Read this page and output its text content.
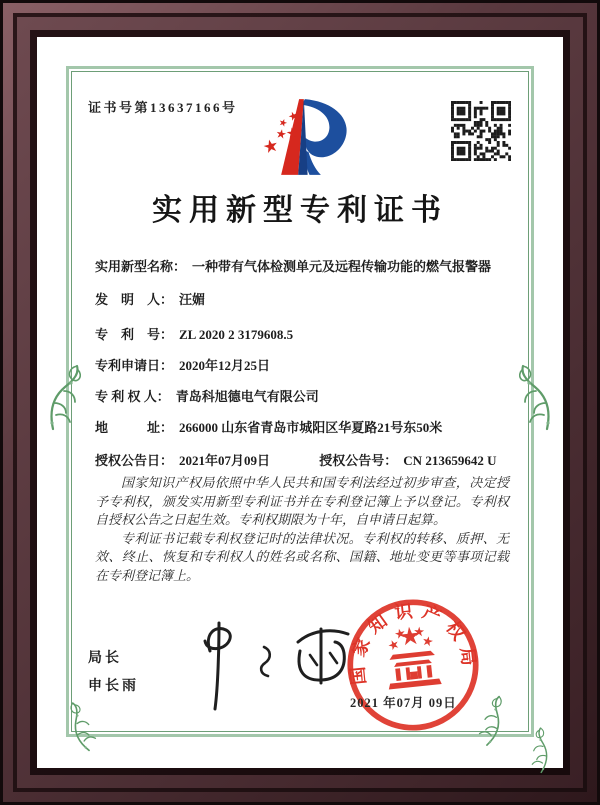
证书号第13637166号
实用新型专利证书
实用新型名称： 一种带有气体检测单元及远程传输功能的燃气报警器
发　明　人： 汪媚
专　利　号： ZL 2020 2 3179608.5
专利申请日： 2020年12月25日
专 利 权 人： 青岛科旭德电气有限公司
地　　　址： 266000 山东省青岛市城阳区华夏路21号东50米
授权公告日： 2021年07月09日	授权公告号： CN 213659642 U

国家知识产权局依照中华人民共和国专利法经过初步审查，决定授予专利权，颁发实用新型专利证书并在专利登记簿上予以登记。专利权自授权公告之日起生效。专利权期限为十年，自申请日起算。

专利证书记载专利权登记时的法律状况。专利权的转移、质押、无效、终止、恢复和专利权人的姓名或名称、国籍、地址变更等事项记载在专利登记簿上。

局长
申长雨	国家知识产权局
2021 年07月 09日
